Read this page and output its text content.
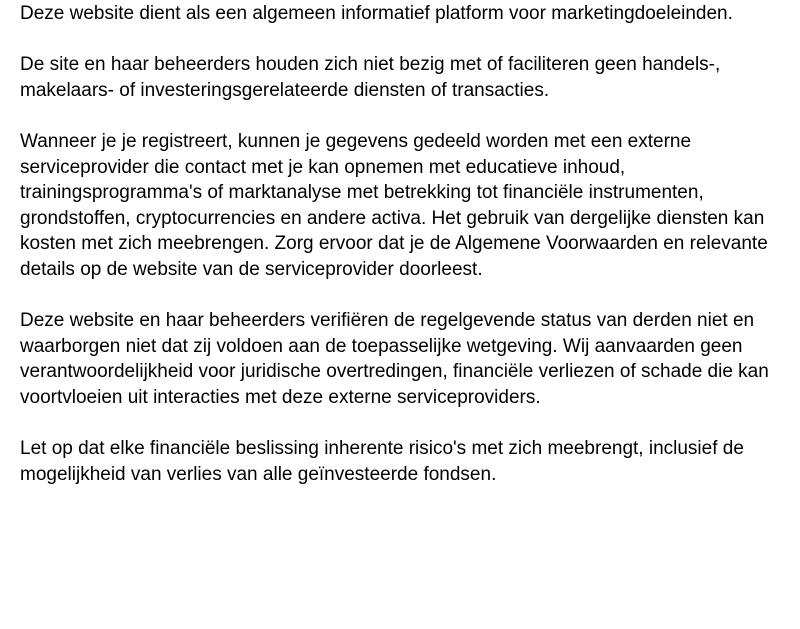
Deze website dient als een algemeen informatief platform voor marketingdoeleinden.

De site en haar beheerders houden zich niet bezig met of faciliteren geen handels-, makelaars- of investeringsgerelateerde diensten of transacties.

Wanneer je je registreert, kunnen je gegevens gedeeld worden met een externe serviceprovider die contact met je kan opnemen met educatieve inhoud, trainingsprogramma's of marktanalyse met betrekking tot financiële instrumenten, grondstoffen, cryptocurrencies en andere activa. Het gebruik van dergelijke diensten kan kosten met zich meebrengen. Zorg ervoor dat je de Algemene Voorwaarden en relevante details op de website van de serviceprovider doorleest.

Deze website en haar beheerders verifiëren de regelgevende status van derden niet en waarborgen niet dat zij voldoen aan de toepasselijke wetgeving. Wij aanvaarden geen verantwoordelijkheid voor juridische overtredingen, financiële verliezen of schade die kan voortvloeien uit interacties met deze externe serviceproviders.

Let op dat elke financiële beslissing inherente risico's met zich meebrengt, inclusief de mogelijkheid van verlies van alle geïnvesteerde fondsen.
